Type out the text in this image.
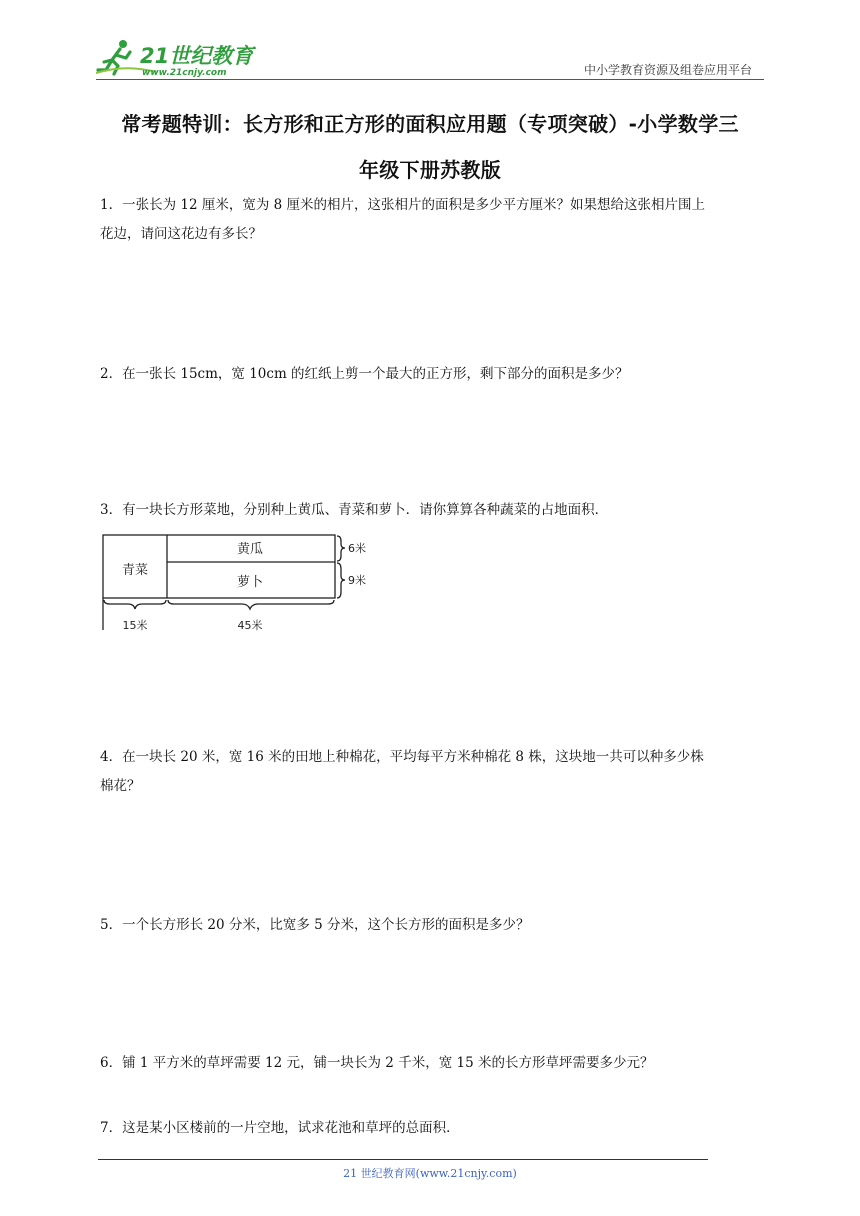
21世纪教育
www.21cnjy.com	中小学教育资源及组卷应用平台
常考题特训：长方形和正方形的面积应用题（专项突破）-小学数学三
年级下册苏教版
1．一张长为 12 厘米，宽为 8 厘米的相片，这张相片的面积是多少平方厘米？如果想给这张相片围上
花边，请问这花边有多长？
2．在一张长 15cm，宽 10cm 的红纸上剪一个最大的正方形，剩下部分的面积是多少？
3．有一块长方形菜地，分别种上黄瓜、青菜和萝卜．请你算算各种蔬菜的占地面积．
青菜
黄瓜
萝卜
6米
9米
15米	45米
4．在一块长 20 米，宽 16 米的田地上种棉花，平均每平方米种棉花 8 株，这块地一共可以种多少株
棉花？
5．一个长方形长 20 分米，比宽多 5 分米，这个长方形的面积是多少？
6．铺 1 平方米的草坪需要 12 元，铺一块长为 2 千米，宽 15 米的长方形草坪需要多少元？
7．这是某小区楼前的一片空地，试求花池和草坪的总面积．
21 世纪教育网(www.21cnjy.com)
